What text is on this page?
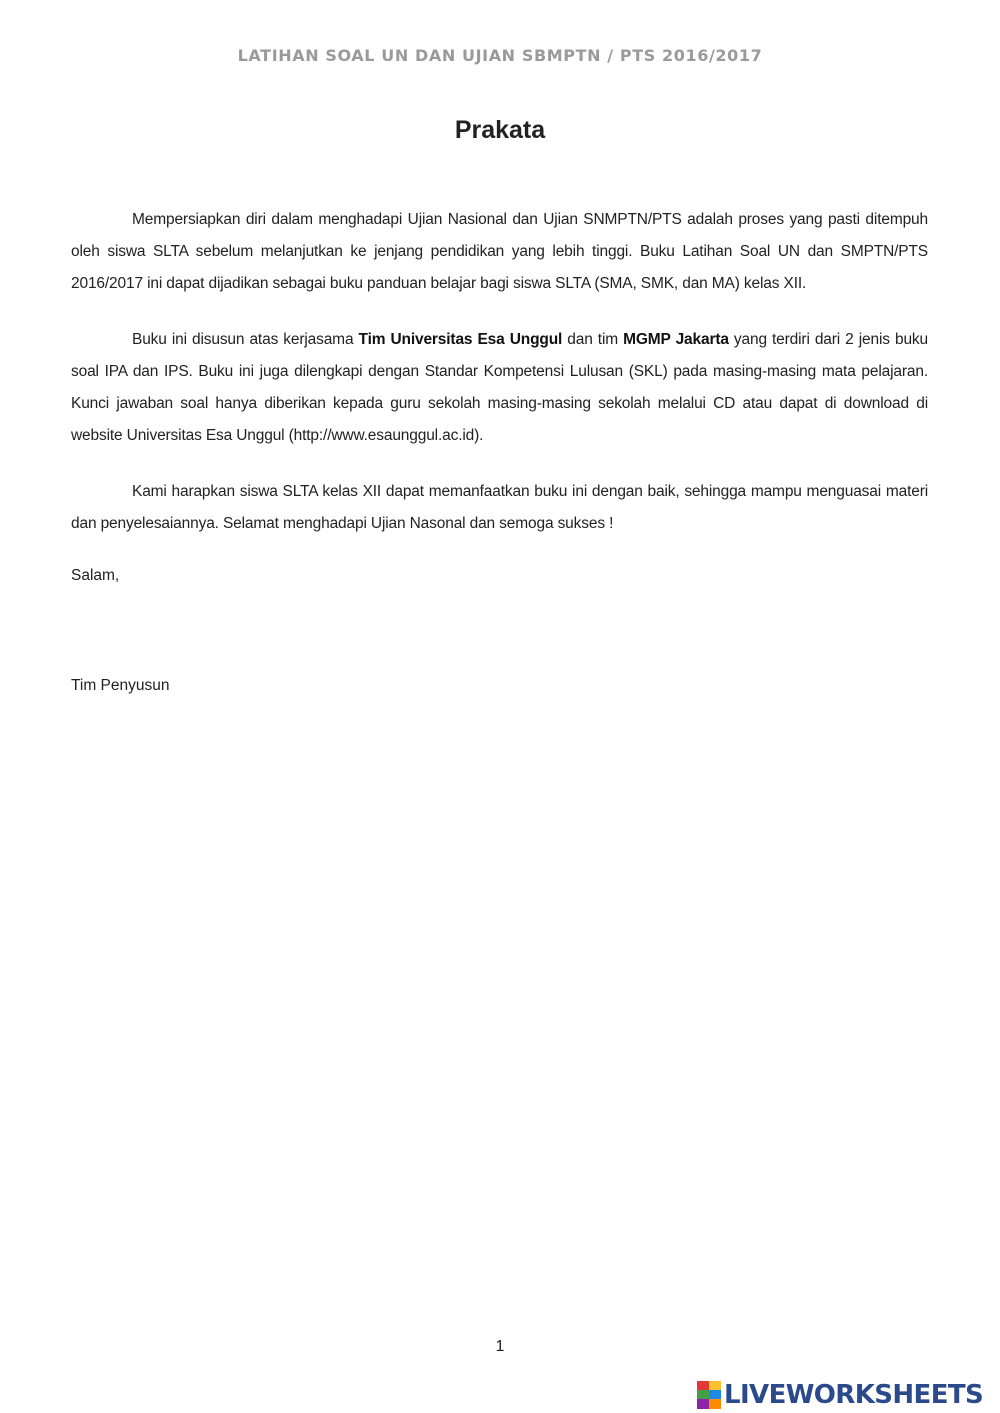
LATIHAN SOAL UN DAN UJIAN SBMPTN / PTS 2016/2017
Prakata

Mempersiapkan diri dalam menghadapi Ujian Nasional dan Ujian SNMPTN/PTS adalah proses yang pasti ditempuh oleh siswa SLTA sebelum melanjutkan ke jenjang pendidikan yang lebih tinggi. Buku Latihan Soal UN dan SMPTN/PTS 2016/2017 ini dapat dijadikan sebagai buku panduan belajar bagi siswa SLTA (SMA, SMK, dan MA) kelas XII.

Buku ini disusun atas kerjasama Tim Universitas Esa Unggul dan tim MGMP Jakarta yang terdiri dari 2 jenis buku soal IPA dan IPS. Buku ini juga dilengkapi dengan Standar Kompetensi Lulusan (SKL) pada masing-masing mata pelajaran. Kunci jawaban soal hanya diberikan kepada guru sekolah masing-masing sekolah melalui CD atau dapat di download di website Universitas Esa Unggul (http://www.esaunggul.ac.id).

Kami harapkan siswa SLTA kelas XII dapat memanfaatkan buku ini dengan baik, sehingga mampu menguasai materi dan penyelesaiannya. Selamat menghadapi Ujian Nasonal dan semoga sukses !

Salam,

Tim Penyusun

1
LIVEWORKSHEETS
